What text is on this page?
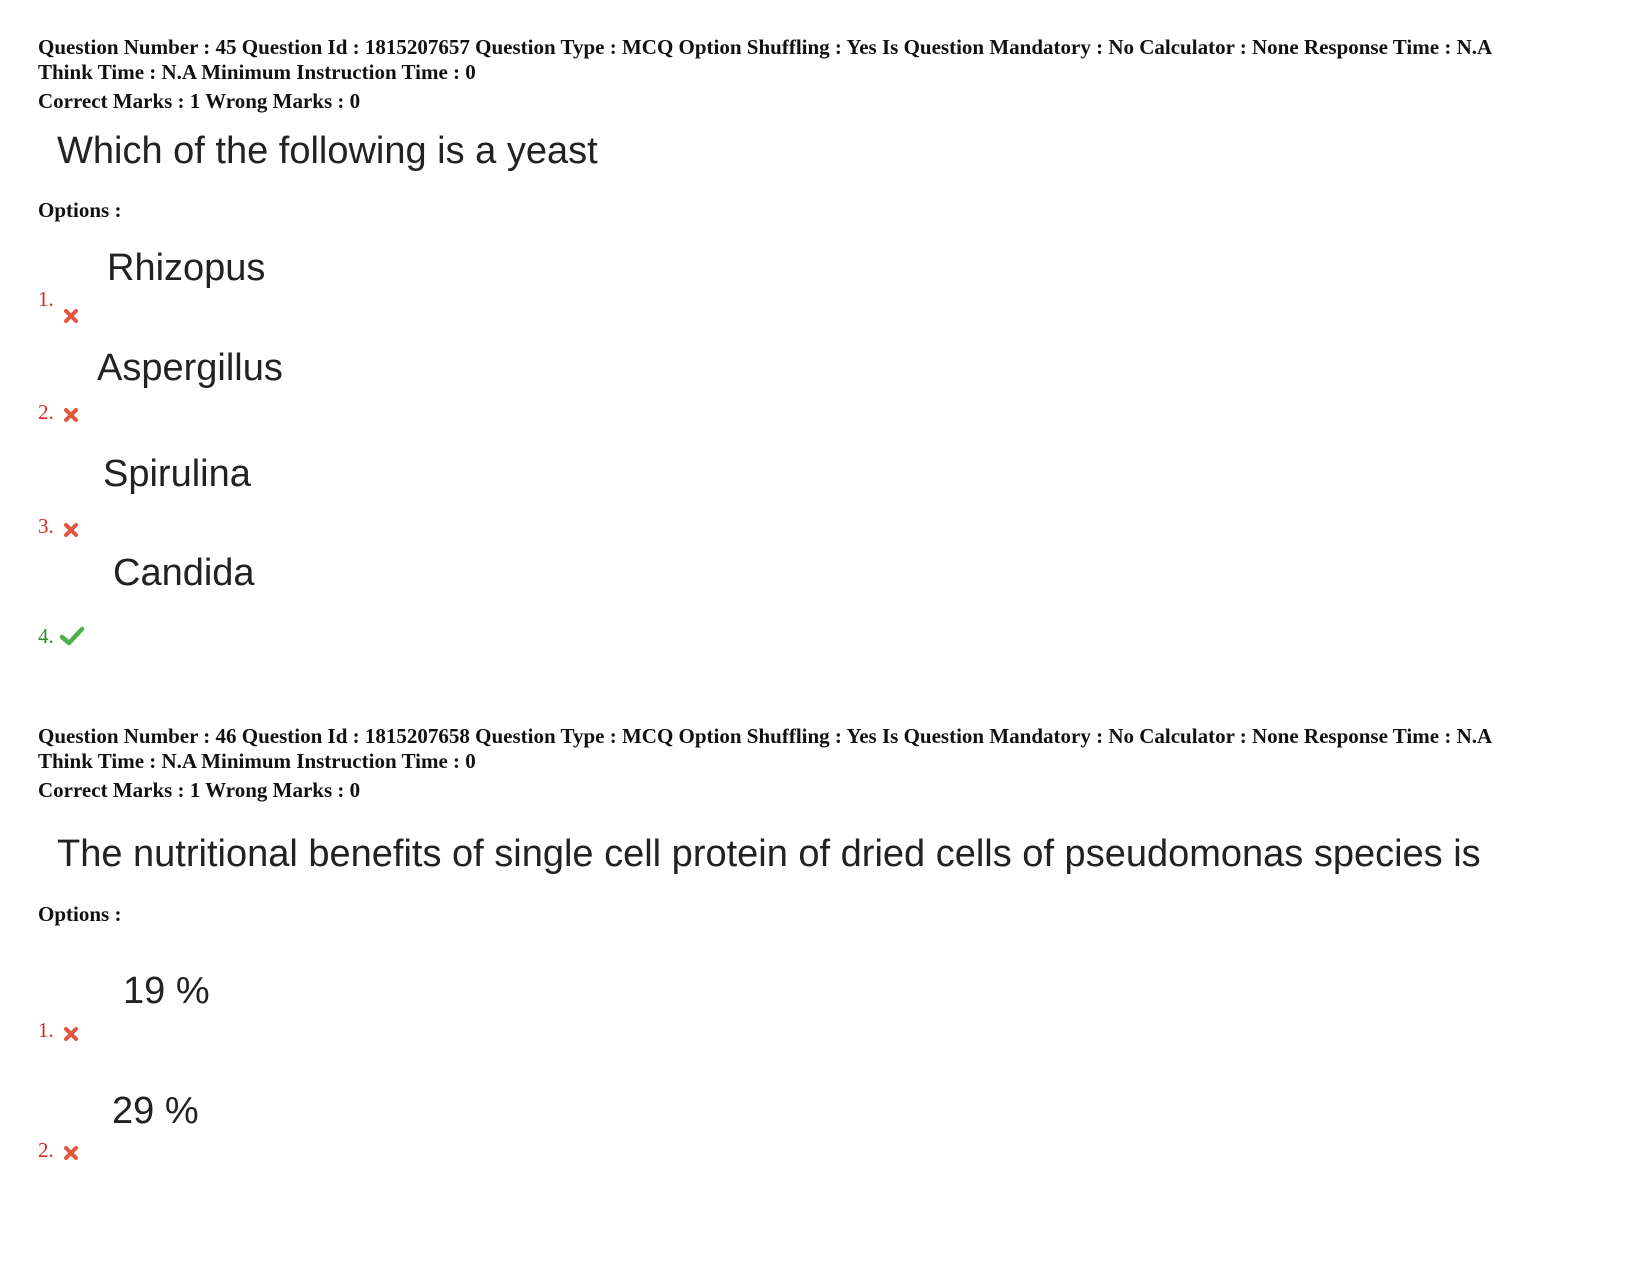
Question Number : 45 Question Id : 1815207657 Question Type : MCQ Option Shuffling : Yes Is Question Mandatory : No Calculator : None Response Time : N.A
Think Time : N.A Minimum Instruction Time : 0
Correct Marks : 1 Wrong Marks : 0
Which of the following is a yeast
Options :
Rhizopus
1.
Aspergillus
2.
Spirulina
3.
Candida
4.
Question Number : 46 Question Id : 1815207658 Question Type : MCQ Option Shuffling : Yes Is Question Mandatory : No Calculator : None Response Time : N.A
Think Time : N.A Minimum Instruction Time : 0
Correct Marks : 1 Wrong Marks : 0
The nutritional benefits of single cell protein of dried cells of pseudomonas species is
Options :
19 %
1.
29 %
2.
